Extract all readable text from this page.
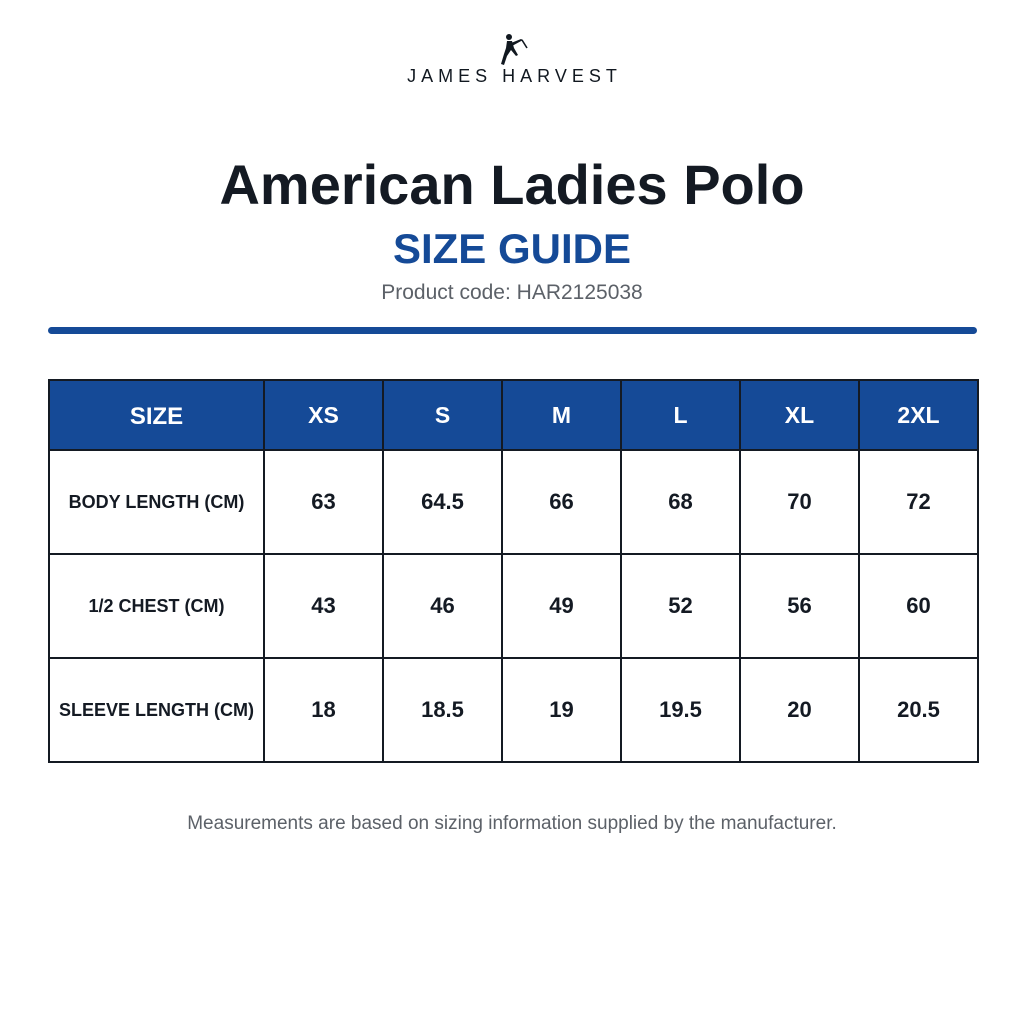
JAMES HARVEST
American Ladies Polo
SIZE GUIDE
Product code: HAR2125038
SIZE	XS	S	M	L	XL	2XL
BODY LENGTH (CM)	63	64.5	66	68	70	72
1/2 CHEST (CM)	43	46	49	52	56	60
SLEEVE LENGTH (CM)	18	18.5	19	19.5	20	20.5
Measurements are based on sizing information supplied by the manufacturer.
